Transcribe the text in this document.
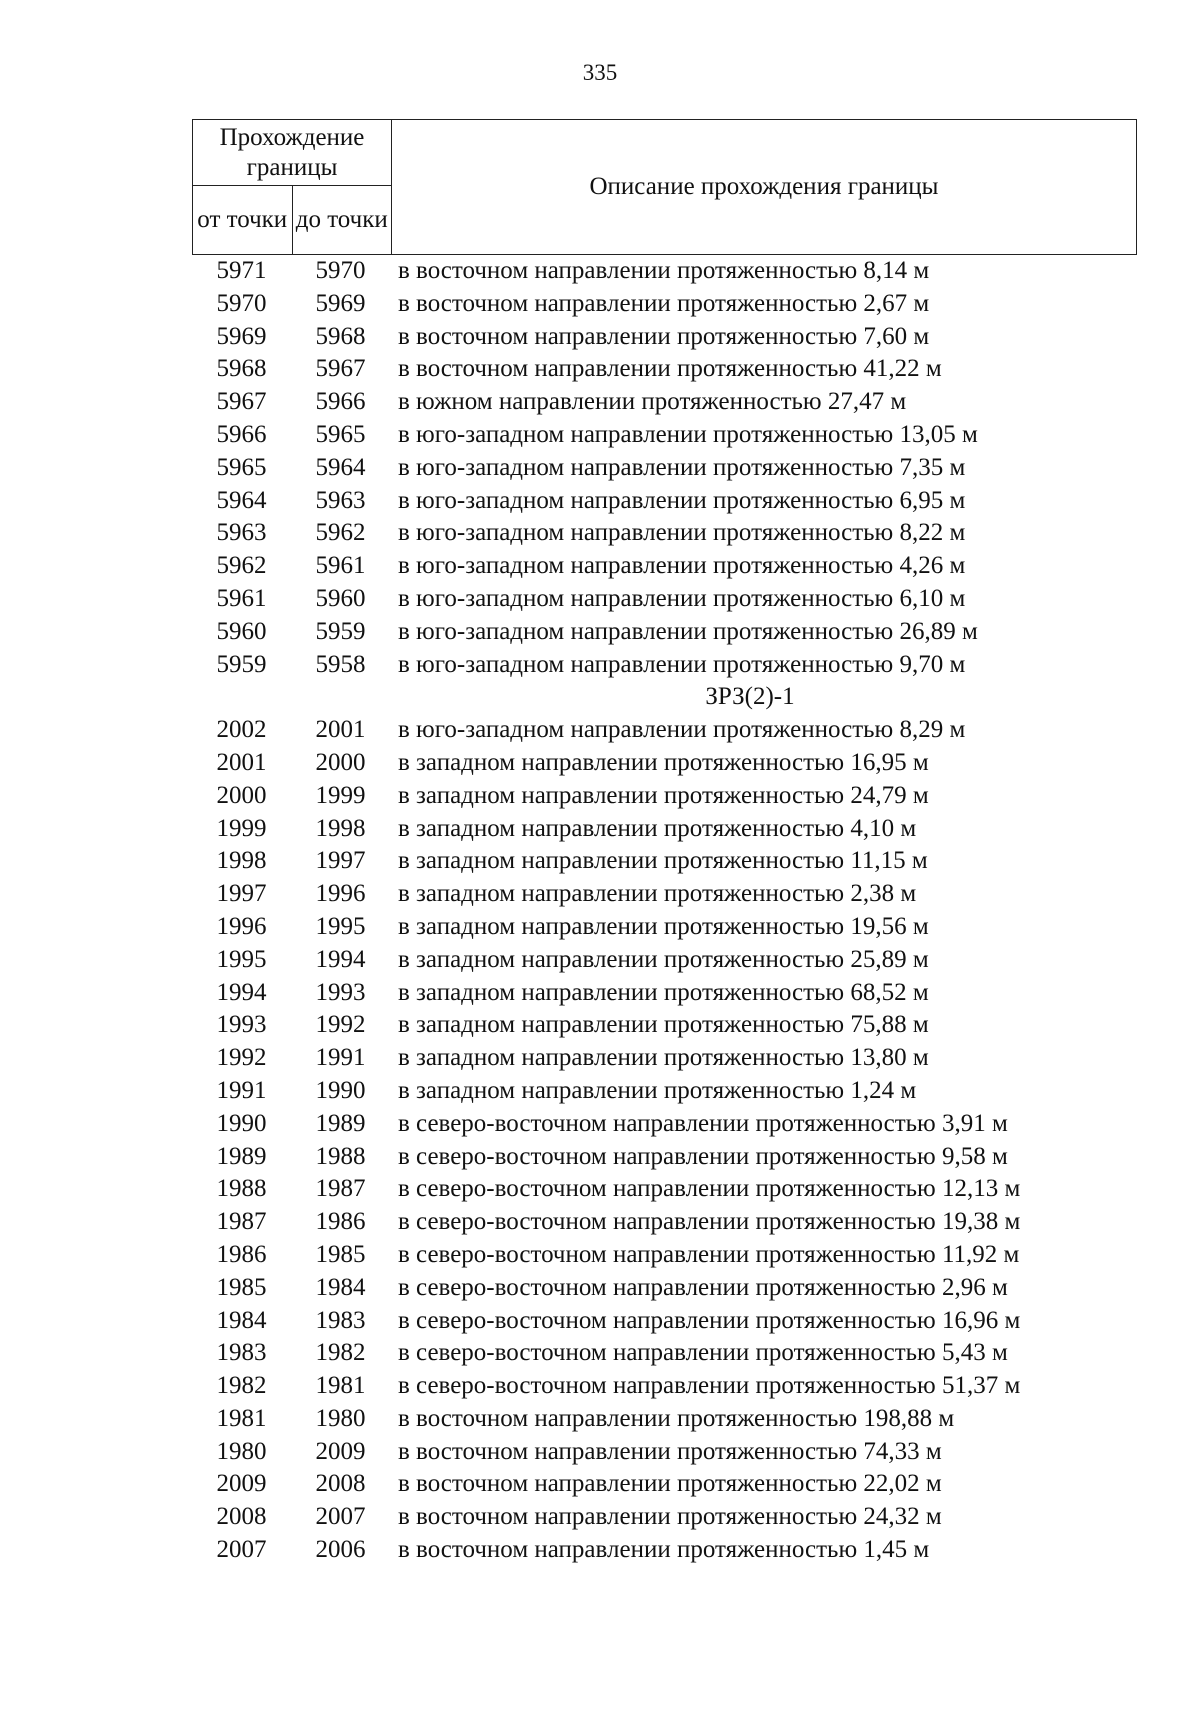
335
Прохождение границы		Описание прохождения границы
от точки	до точки	
5971	5970	в восточном направлении протяженностью 8,14 м
5970	5969	в восточном направлении протяженностью 2,67 м
5969	5968	в восточном направлении протяженностью 7,60 м
5968	5967	в восточном направлении протяженностью 41,22 м
5967	5966	в южном направлении протяженностью 27,47 м
5966	5965	в юго-западном направлении протяженностью 13,05 м
5965	5964	в юго-западном направлении протяженностью 7,35 м
5964	5963	в юго-западном направлении протяженностью 6,95 м
5963	5962	в юго-западном направлении протяженностью 8,22 м
5962	5961	в юго-западном направлении протяженностью 4,26 м
5961	5960	в юго-западном направлении протяженностью 6,10 м
5960	5959	в юго-западном направлении протяженностью 26,89 м
5959	5958	в юго-западном направлении протяженностью 9,70 м
ЗРЗ(2)-1
2002	2001	в юго-западном направлении протяженностью 8,29 м
2001	2000	в западном направлении протяженностью 16,95 м
2000	1999	в западном направлении протяженностью 24,79 м
1999	1998	в западном направлении протяженностью 4,10 м
1998	1997	в западном направлении протяженностью 11,15 м
1997	1996	в западном направлении протяженностью 2,38 м
1996	1995	в западном направлении протяженностью 19,56 м
1995	1994	в западном направлении протяженностью 25,89 м
1994	1993	в западном направлении протяженностью 68,52 м
1993	1992	в западном направлении протяженностью 75,88 м
1992	1991	в западном направлении протяженностью 13,80 м
1991	1990	в западном направлении протяженностью 1,24 м
1990	1989	в северо-восточном направлении протяженностью 3,91 м
1989	1988	в северо-восточном направлении протяженностью 9,58 м
1988	1987	в северо-восточном направлении протяженностью 12,13 м
1987	1986	в северо-восточном направлении протяженностью 19,38 м
1986	1985	в северо-восточном направлении протяженностью 11,92 м
1985	1984	в северо-восточном направлении протяженностью 2,96 м
1984	1983	в северо-восточном направлении протяженностью 16,96 м
1983	1982	в северо-восточном направлении протяженностью 5,43 м
1982	1981	в северо-восточном направлении протяженностью 51,37 м
1981	1980	в восточном направлении протяженностью 198,88 м
1980	2009	в восточном направлении протяженностью 74,33 м
2009	2008	в восточном направлении протяженностью 22,02 м
2008	2007	в восточном направлении протяженностью 24,32 м
2007	2006	в восточном направлении протяженностью 1,45 м
